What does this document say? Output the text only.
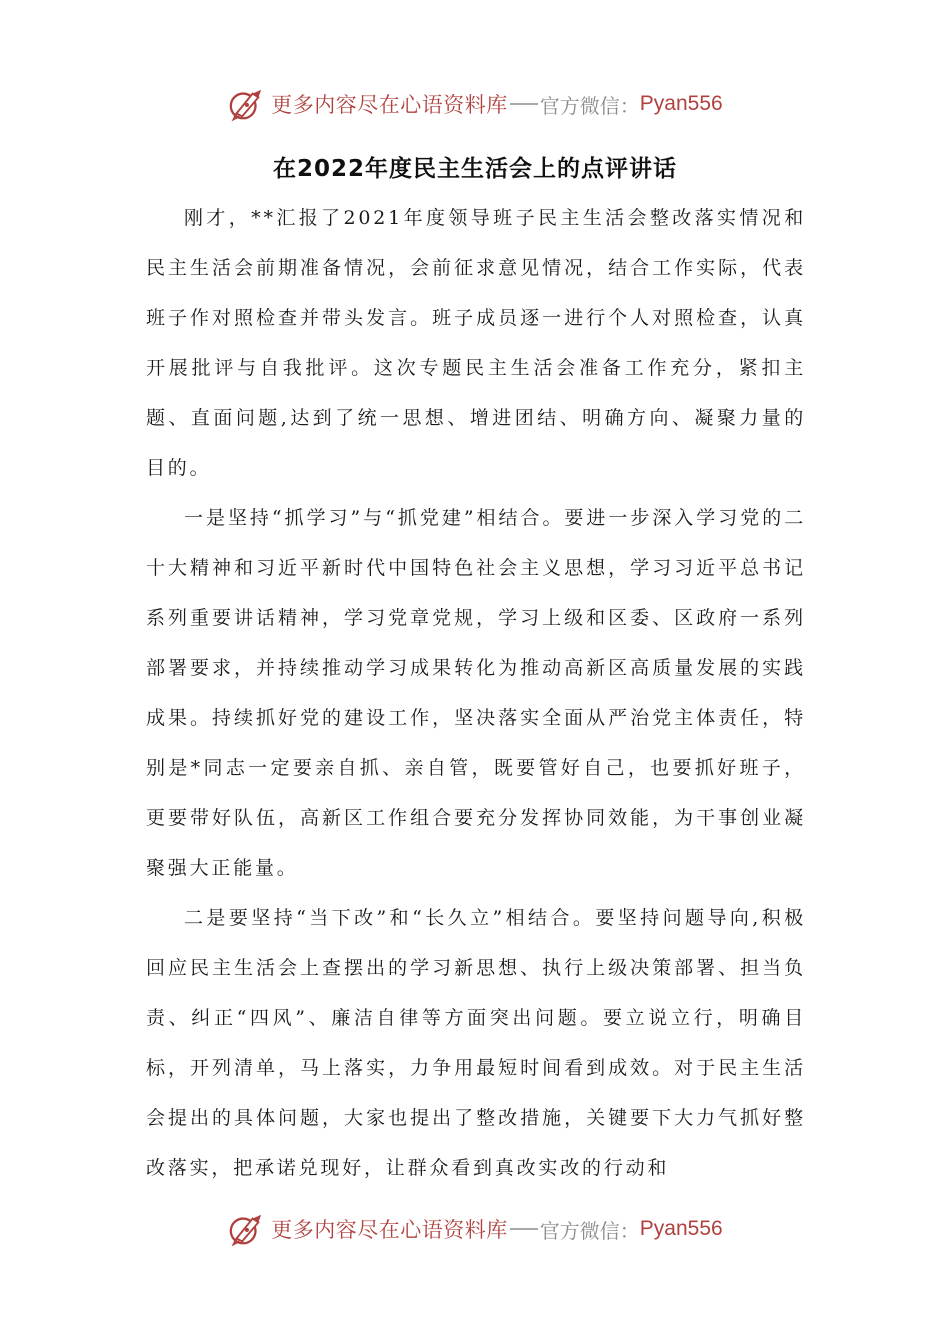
更多内容尽在心语资料库 官方微信： Pyan556
在2022年度民主生活会上的点评讲话

刚才，**汇报了2021年度领导班子民主生活会整改落实情况和民主生活会前期准备情况，会前征求意见情况，结合工作实际，代表班子作对照检查并带头发言。班子成员逐一进行个人对照检查，认真开展批评与自我批评。这次专题民主生活会准备工作充分，紧扣主题、直面问题,达到了统一思想、增进团结、明确方向、凝聚力量的目的。

一是坚持“抓学习”与“抓党建”相结合。要进一步深入学习党的二十大精神和习近平新时代中国特色社会主义思想，学习习近平总书记系列重要讲话精神，学习党章党规，学习上级和区委、区政府一系列部署要求，并持续推动学习成果转化为推动高新区高质量发展的实践成果。持续抓好党的建设工作，坚决落实全面从严治党主体责任，特别是*同志一定要亲自抓、亲自管，既要管好自己，也要抓好班子，更要带好队伍，高新区工作组合要充分发挥协同效能，为干事创业凝聚强大正能量。

二是要坚持“当下改”和“长久立”相结合。要坚持问题导向,积极回应民主生活会上查摆出的学习新思想、执行上级决策部署、担当负责、纠正“四风”、廉洁自律等方面突出问题。要立说立行，明确目标，开列清单，马上落实，力争用最短时间看到成效。对于民主生活会提出的具体问题，大家也提出了整改措施，关键要下大力气抓好整改落实，把承诺兑现好，让群众看到真改实改的行动和

更多内容尽在心语资料库 官方微信： Pyan556
